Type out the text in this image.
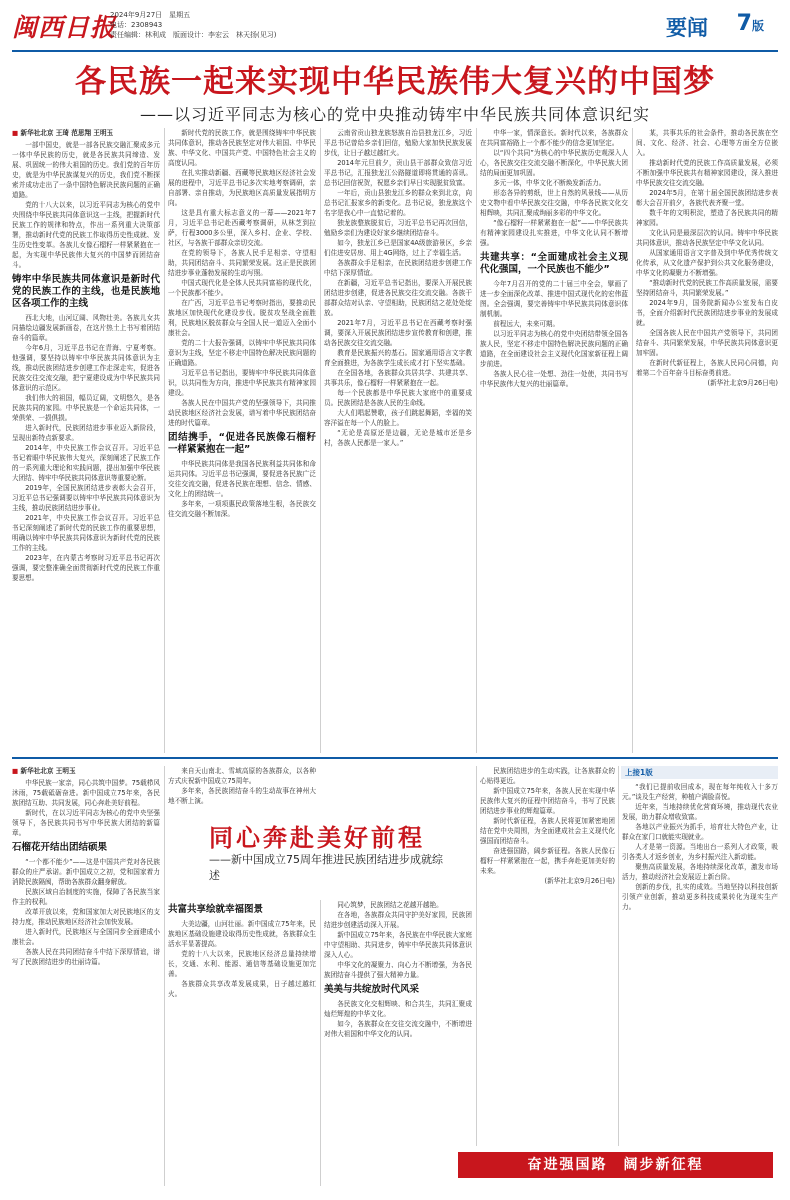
闽西日报
2024年9月27日　星期五
电话：2308943
责任编辑：林利成　版面设计：李宏云　林天扬(见习)	要闻 7版
各民族一起来实现中华民族伟大复兴的中国梦
——以习近平同志为核心的党中央推动铸牢中华民族共同体意识纪实

■ 新华社北京 王琦 范思翔 王明玉

一部中国史，就是一部各民族交融汇聚成多元一体中华民族的历史，就是各民族共同缔造、发展、巩固统一的伟大祖国的历史。我们党的百年历史，就是为中华民族谋复兴的历史，我们党不断探索并成功走出了一条中国特色解决民族问题的正确道路。

党的十八大以来，以习近平同志为核心的党中央围绕中华民族共同体意识这一主线，把握新时代民族工作的规律和特点，作出一系列重大决策部署，推动新时代党的民族工作取得历史性成就、发生历史性变革。各族儿女像石榴籽一样紧紧抱在一起，为实现中华民族伟大复兴的中国梦而团结奋斗。

铸牢中华民族共同体意识是新时代党的民族工作的主线，也是民族地区各项工作的主线

西北大地，山河辽阔、风物壮美。各族儿女共同描绘边疆发展新画卷，在这片热土上书写着团结奋斗的篇章。

今年6月，习近平总书记在青海、宁夏考察。他强调，要坚持以铸牢中华民族共同体意识为主线，推动民族团结进步创建工作走深走实，促进各民族交往交流交融，把宁夏建设成为中华民族共同体意识的示范区。

我们伟大的祖国，幅员辽阔，文明悠久，是各民族共同的家园。中华民族是一个命运共同体，一荣俱荣、一损俱损。

进入新时代，民族团结进步事业迈入新阶段，呈现出新特点新要求。

2014年，中央民族工作会议召开。习近平总书记着眼中华民族伟大复兴，深刻阐述了民族工作的一系列重大理论和实践问题，提出加强中华民族大团结、铸牢中华民族共同体意识等重要论断。

2019年，全国民族团结进步表彰大会召开，习近平总书记强调要以铸牢中华民族共同体意识为主线，推动民族团结进步事业。

2021年，中央民族工作会议召开。习近平总书记深刻阐述了新时代党的民族工作的重要思想，明确以铸牢中华民族共同体意识为新时代党的民族工作的主线。

2023年，在内蒙古考察时习近平总书记再次强调，要完整准确全面贯彻新时代党的民族工作重要思想。

新时代党的民族工作，就是围绕铸牢中华民族共同体意识，推动各民族坚定对伟大祖国、中华民族、中华文化、中国共产党、中国特色社会主义的高度认同。

在扎实推动新疆、西藏等民族地区经济社会发展的进程中，习近平总书记多次实地考察调研，亲自部署、亲自推动，为民族地区高质量发展指明方向。

这是具有重大标志意义的一幕——2021年7月，习近平总书记赴西藏考察调研，从林芝到拉萨，行程3000多公里，深入乡村、企业、学校、社区，与各族干部群众亲切交流。

在党的领导下，各族人民手足相亲、守望相助，共同团结奋斗、共同繁荣发展。这正是民族团结进步事业蓬勃发展的生动写照。

中国式现代化是全体人民共同富裕的现代化，一个民族都不能少。

在广西，习近平总书记考察时指出，要推动民族地区加快现代化建设步伐。脱贫攻坚战全面胜利，民族地区脱贫群众与全国人民一道迈入全面小康社会。

党的二十大报告强调，以铸牢中华民族共同体意识为主线，坚定不移走中国特色解决民族问题的正确道路。

习近平总书记指出，要铸牢中华民族共同体意识，以共同性为方向，推进中华民族共有精神家园建设。

各族人民在中国共产党的坚强领导下，共同推动民族地区经济社会发展，谱写着中华民族团结奋进的时代篇章。

团结携手，“促进各民族像石榴籽一样紧紧抱在一起”

中华民族共同体是我国各民族利益共同体和命运共同体。习近平总书记强调，要促进各民族广泛交往交流交融，促进各民族在理想、信念、情感、文化上的团结统一。

多年来，一项项惠民政策落地生根，各民族交往交流交融不断加深。

云南省贡山独龙族怒族自治县独龙江乡，习近平总书记曾给乡亲们回信，勉励大家加快民族发展步伐，让日子越过越红火。

2014年元旦前夕，贡山县干部群众致信习近平总书记，汇报独龙江公路隧道即将贯通的喜讯。总书记回信祝贺，祝愿乡亲们早日实现脱贫致富。

一年后，贡山县独龙江乡的群众来到北京，向总书记汇报家乡的新变化。总书记说，独龙族这个名字是我心中一直惦记着的。

独龙族整族脱贫后，习近平总书记再次回信，勉励乡亲们为建设好家乡继续团结奋斗。

如今，独龙江乡已是国家4A级旅游景区，乡亲们住进安居房、用上4G网络，过上了幸福生活。

各族群众手足相亲，在民族团结进步创建工作中结下深厚情谊。

在新疆，习近平总书记指出，要深入开展民族团结进步创建，促进各民族交往交流交融。各族干部群众结对认亲、守望相助，民族团结之花处处绽放。

2021年7月，习近平总书记在西藏考察时强调，要深入开展民族团结进步宣传教育和创建，推动各民族交往交流交融。

教育是民族振兴的基石。国家通用语言文字教育全面推进，为各族学生成长成才打下坚实基础。

在全国各地，各族群众共居共学、共建共享、共事共乐，像石榴籽一样紧紧抱在一起。

每一个民族都是中华民族大家庭中的重要成员。民族团结是各族人民的生命线。

大人们唱起赞歌，孩子们跳起舞蹈，幸福的笑容洋溢在每一个人的脸上。

“无论是高原还是边疆，无论是城市还是乡村，各族人民都是一家人。”

中华一家，情深意长。新时代以来，各族群众在共同富裕路上一个都不能少的信念更加坚定。

以“四个共同”为核心的中华民族历史观深入人心，各民族交往交流交融不断深化，中华民族大团结的局面更加巩固。

多元一体，中华文化不断焕发新活力。

形态各异的剪纸，世上自然的风景线——从历史文物中看中华民族交往交融，中华各民族文化交相辉映，共同汇聚成绚丽多彩的中华文化。

“像石榴籽一样紧紧抱在一起”——中华民族共有精神家园建设扎实推进，中华文化认同不断增强。

共建共享：“全面建成社会主义现代化强国，一个民族也不能少”

今年7月召开的党的二十届三中全会，擘画了进一步全面深化改革、推进中国式现代化的宏伟蓝图。全会强调，要完善铸牢中华民族共同体意识体制机制。

前程远大，未来可期。

以习近平同志为核心的党中央团结带领全国各族人民，坚定不移走中国特色解决民族问题的正确道路，在全面建设社会主义现代化国家新征程上阔步前进。

各族人民心往一处想、劲往一处使，共同书写中华民族伟大复兴的壮丽篇章。

某，共事共乐的社会条件，推动各民族在空间、文化、经济、社会、心理等方面全方位嵌入。

推动新时代党的民族工作高质量发展，必须不断加强中华民族共有精神家园建设，深入推进中华民族交往交流交融。

2024年5月，在第十届全国民族团结进步表彰大会召开前夕，各族代表齐聚一堂。

数千年的文明积淀，塑造了各民族共同的精神家园。

文化认同是最深层次的认同。铸牢中华民族共同体意识，推动各民族坚定中华文化认同。

从国家通用语言文字普及到中华优秀传统文化传承，从文化遗产保护到公共文化服务建设，中华文化的凝聚力不断增强。

“推动新时代党的民族工作高质量发展，需要坚持团结奋斗，共同繁荣发展。”

2024年9月，国务院新闻办公室发布白皮书，全面介绍新时代民族团结进步事业的发展成就。

全国各族人民在中国共产党领导下，共同团结奋斗、共同繁荣发展，中华民族共同体意识更加牢固。

在新时代新征程上，各族人民同心同德，向着第二个百年奋斗目标奋勇前进。

(新华社北京9月26日电)

■ 新华社北京 王明玉

中华民族一家亲，同心共筑中国梦。75载栉风沐雨，75载砥砺奋进。新中国成立75年来，各民族团结互助、共同发展，同心奔赴美好前程。

新时代，在以习近平同志为核心的党中央坚强领导下，各民族共同书写中华民族大团结的新篇章。

石榴花开结出团结硕果

“一个都不能少”——这是中国共产党对各民族群众的庄严承诺。新中国成立之初，党和国家着力消除民族隔阂，帮助各族群众翻身解放。

民族区域自治制度的实施，保障了各民族当家作主的权利。

改革开放以来，党和国家加大对民族地区的支持力度，推动民族地区经济社会加快发展。

进入新时代，民族地区与全国同步全面建成小康社会。

各族人民在共同团结奋斗中结下深厚情谊，谱写了民族团结进步的壮丽诗篇。

同心奔赴美好前程
——新中国成立75周年推进民族团结进步成就综述

来自天山南北、雪域高原的各族群众，以各种方式庆祝新中国成立75周年。

多年来，各民族团结奋斗的生动故事在神州大地不断上演。

共富共享绘就幸福图景

大美边疆，山河壮丽。新中国成立75年来，民族地区基础设施建设取得历史性成就，各族群众生活水平显著提高。

党的十八大以来，民族地区经济总量持续增长，交通、水利、能源、通信等基础设施更加完善。

各族群众共享改革发展成果，日子越过越红火。

同心筑梦，民族团结之花越开越艳。

在各地，各族群众共同守护美好家园，民族团结进步创建活动深入开展。

新中国成立75年来，各民族在中华民族大家庭中守望相助、共同进步，铸牢中华民族共同体意识深入人心。

中华文化的凝聚力、向心力不断增强，为各民族团结奋斗提供了强大精神力量。

美美与共绽放时代风采

各民族文化交相辉映、和合共生，共同汇聚成灿烂辉煌的中华文化。

如今，各族群众在交往交流交融中，不断增进对伟大祖国和中华文化的认同。

民族团结进步的生动实践，让各族群众的心贴得更近。

新中国成立75年来，各族人民在实现中华民族伟大复兴的征程中团结奋斗，书写了民族团结进步事业的辉煌篇章。

新时代新征程，各族人民将更加紧密地团结在党中央周围，为全面建成社会主义现代化强国而团结奋斗。

奋进强国路，阔步新征程。各族人民像石榴籽一样紧紧抱在一起，携手奔赴更加美好的未来。

(新华社北京9月26日电)

上接1版

“我们已提前收回成本，现在每年纯收入十多万元。”谈及生产经营，种植户满脸喜悦。

近年来，当地持续优化营商环境，推动现代农业发展，助力群众增收致富。

各地以产业振兴为抓手，培育壮大特色产业，让群众在家门口就能实现就业。

人才是第一资源。当地出台一系列人才政策，吸引各类人才返乡创业，为乡村振兴注入新动能。

聚焦高质量发展，各地持续深化改革，激发市场活力，推动经济社会发展迈上新台阶。

创新的步伐，扎实的成效。当地坚持以科技创新引领产业创新，推动更多科技成果转化为现实生产力。

奋进强国路　阔步新征程
